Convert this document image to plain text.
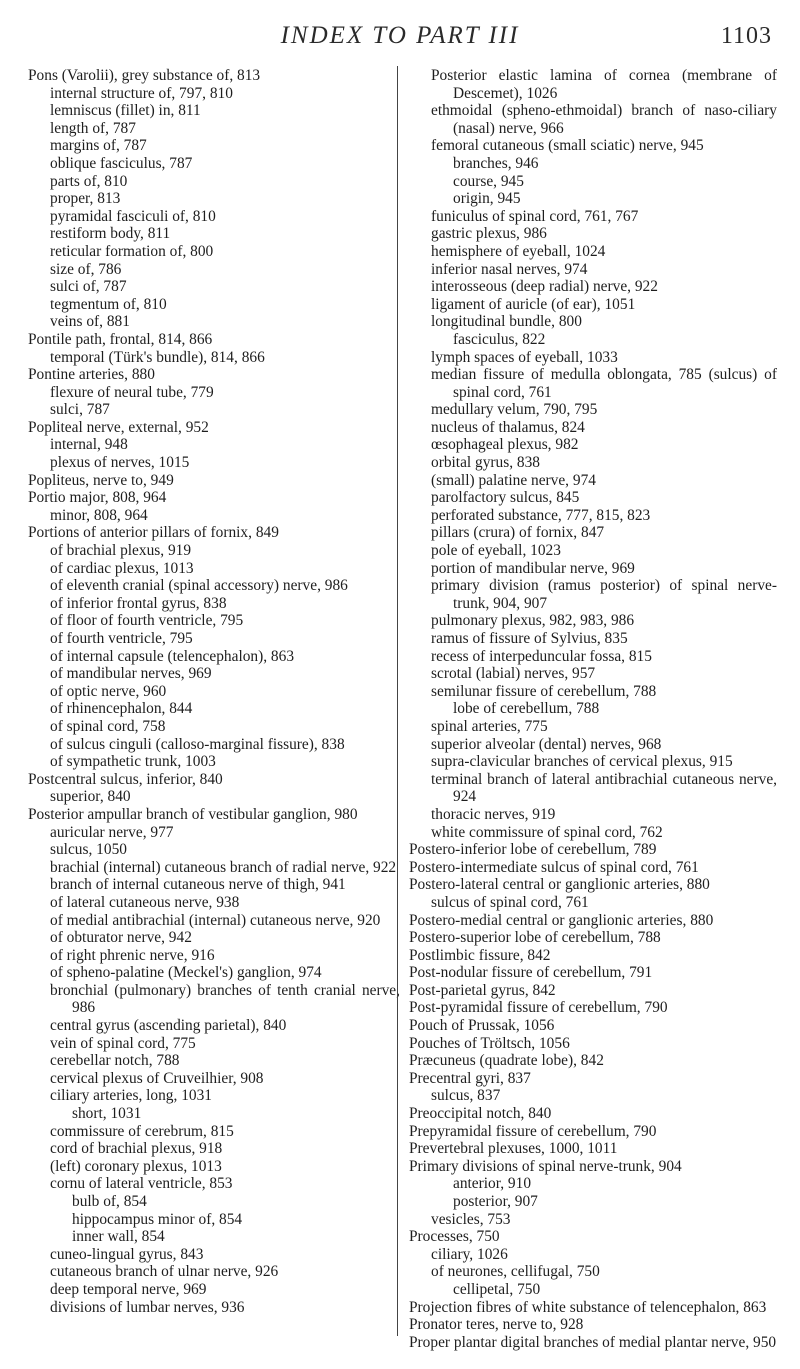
INDEX TO PART III	1103
Pons (Varolii), grey substance of, 813
internal structure of, 797, 810
lemniscus (fillet) in, 811
length of, 787
margins of, 787
oblique fasciculus, 787
parts of, 810
proper, 813
pyramidal fasciculi of, 810
restiform body, 811
reticular formation of, 800
size of, 786
sulci of, 787
tegmentum of, 810
veins of, 881
Pontile path, frontal, 814, 866
temporal (Türk's bundle), 814, 866
Pontine arteries, 880
flexure of neural tube, 779
sulci, 787
Popliteal nerve, external, 952
internal, 948
plexus of nerves, 1015
Popliteus, nerve to, 949
Portio major, 808, 964
minor, 808, 964
Portions of anterior pillars of fornix, 849
of brachial plexus, 919
of cardiac plexus, 1013
of eleventh cranial (spinal accessory) nerve, 986
of inferior frontal gyrus, 838
of floor of fourth ventricle, 795
of fourth ventricle, 795
of internal capsule (telencephalon), 863
of mandibular nerves, 969
of optic nerve, 960
of rhinencephalon, 844
of spinal cord, 758
of sulcus cinguli (calloso-marginal fissure), 838
of sympathetic trunk, 1003
Postcentral sulcus, inferior, 840
superior, 840
Posterior ampullar branch of vestibular ganglion, 980
auricular nerve, 977
sulcus, 1050
brachial (internal) cutaneous branch of radial nerve, 922
branch of internal cutaneous nerve of thigh, 941
of lateral cutaneous nerve, 938
of medial antibrachial (internal) cutaneous nerve, 920
of obturator nerve, 942
of right phrenic nerve, 916
of spheno-palatine (Meckel's) ganglion, 974
bronchial (pulmonary) branches of tenth cranial nerve, 986
central gyrus (ascending parietal), 840
vein of spinal cord, 775
cerebellar notch, 788
cervical plexus of Cruveilhier, 908
ciliary arteries, long, 1031
short, 1031
commissure of cerebrum, 815
cord of brachial plexus, 918
(left) coronary plexus, 1013
cornu of lateral ventricle, 853
bulb of, 854
hippocampus minor of, 854
inner wall, 854
cuneo-lingual gyrus, 843
cutaneous branch of ulnar nerve, 926
deep temporal nerve, 969
divisions of lumbar nerves, 936
Posterior elastic lamina of cornea (membrane of Descemet), 1026
ethmoidal (spheno-ethmoidal) branch of naso-ciliary (nasal) nerve, 966
femoral cutaneous (small sciatic) nerve, 945
branches, 946
course, 945
origin, 945
funiculus of spinal cord, 761, 767
gastric plexus, 986
hemisphere of eyeball, 1024
inferior nasal nerves, 974
interosseous (deep radial) nerve, 922
ligament of auricle (of ear), 1051
longitudinal bundle, 800
fasciculus, 822
lymph spaces of eyeball, 1033
median fissure of medulla oblongata, 785 (sulcus) of spinal cord, 761
medullary velum, 790, 795
nucleus of thalamus, 824
œsophageal plexus, 982
orbital gyrus, 838
(small) palatine nerve, 974
parolfactory sulcus, 845
perforated substance, 777, 815, 823
pillars (crura) of fornix, 847
pole of eyeball, 1023
portion of mandibular nerve, 969
primary division (ramus posterior) of spinal nerve-trunk, 904, 907
pulmonary plexus, 982, 983, 986
ramus of fissure of Sylvius, 835
recess of interpeduncular fossa, 815
scrotal (labial) nerves, 957
semilunar fissure of cerebellum, 788
lobe of cerebellum, 788
spinal arteries, 775
superior alveolar (dental) nerves, 968
supra-clavicular branches of cervical plexus, 915
terminal branch of lateral antibrachial cutaneous nerve, 924
thoracic nerves, 919
white commissure of spinal cord, 762
Postero-inferior lobe of cerebellum, 789
Postero-intermediate sulcus of spinal cord, 761
Postero-lateral central or ganglionic arteries, 880
sulcus of spinal cord, 761
Postero-medial central or ganglionic arteries, 880
Postero-superior lobe of cerebellum, 788
Postlimbic fissure, 842
Post-nodular fissure of cerebellum, 791
Post-parietal gyrus, 842
Post-pyramidal fissure of cerebellum, 790
Pouch of Prussak, 1056
Pouches of Tröltsch, 1056
Præcuneus (quadrate lobe), 842
Precentral gyri, 837
sulcus, 837
Preoccipital notch, 840
Prepyramidal fissure of cerebellum, 790
Prevertebral plexuses, 1000, 1011
Primary divisions of spinal nerve-trunk, 904
anterior, 910
posterior, 907
vesicles, 753
Processes, 750
ciliary, 1026
of neurones, cellifugal, 750
cellipetal, 750
Projection fibres of white substance of telencephalon, 863
Pronator teres, nerve to, 928
Proper plantar digital branches of medial plantar nerve, 950
